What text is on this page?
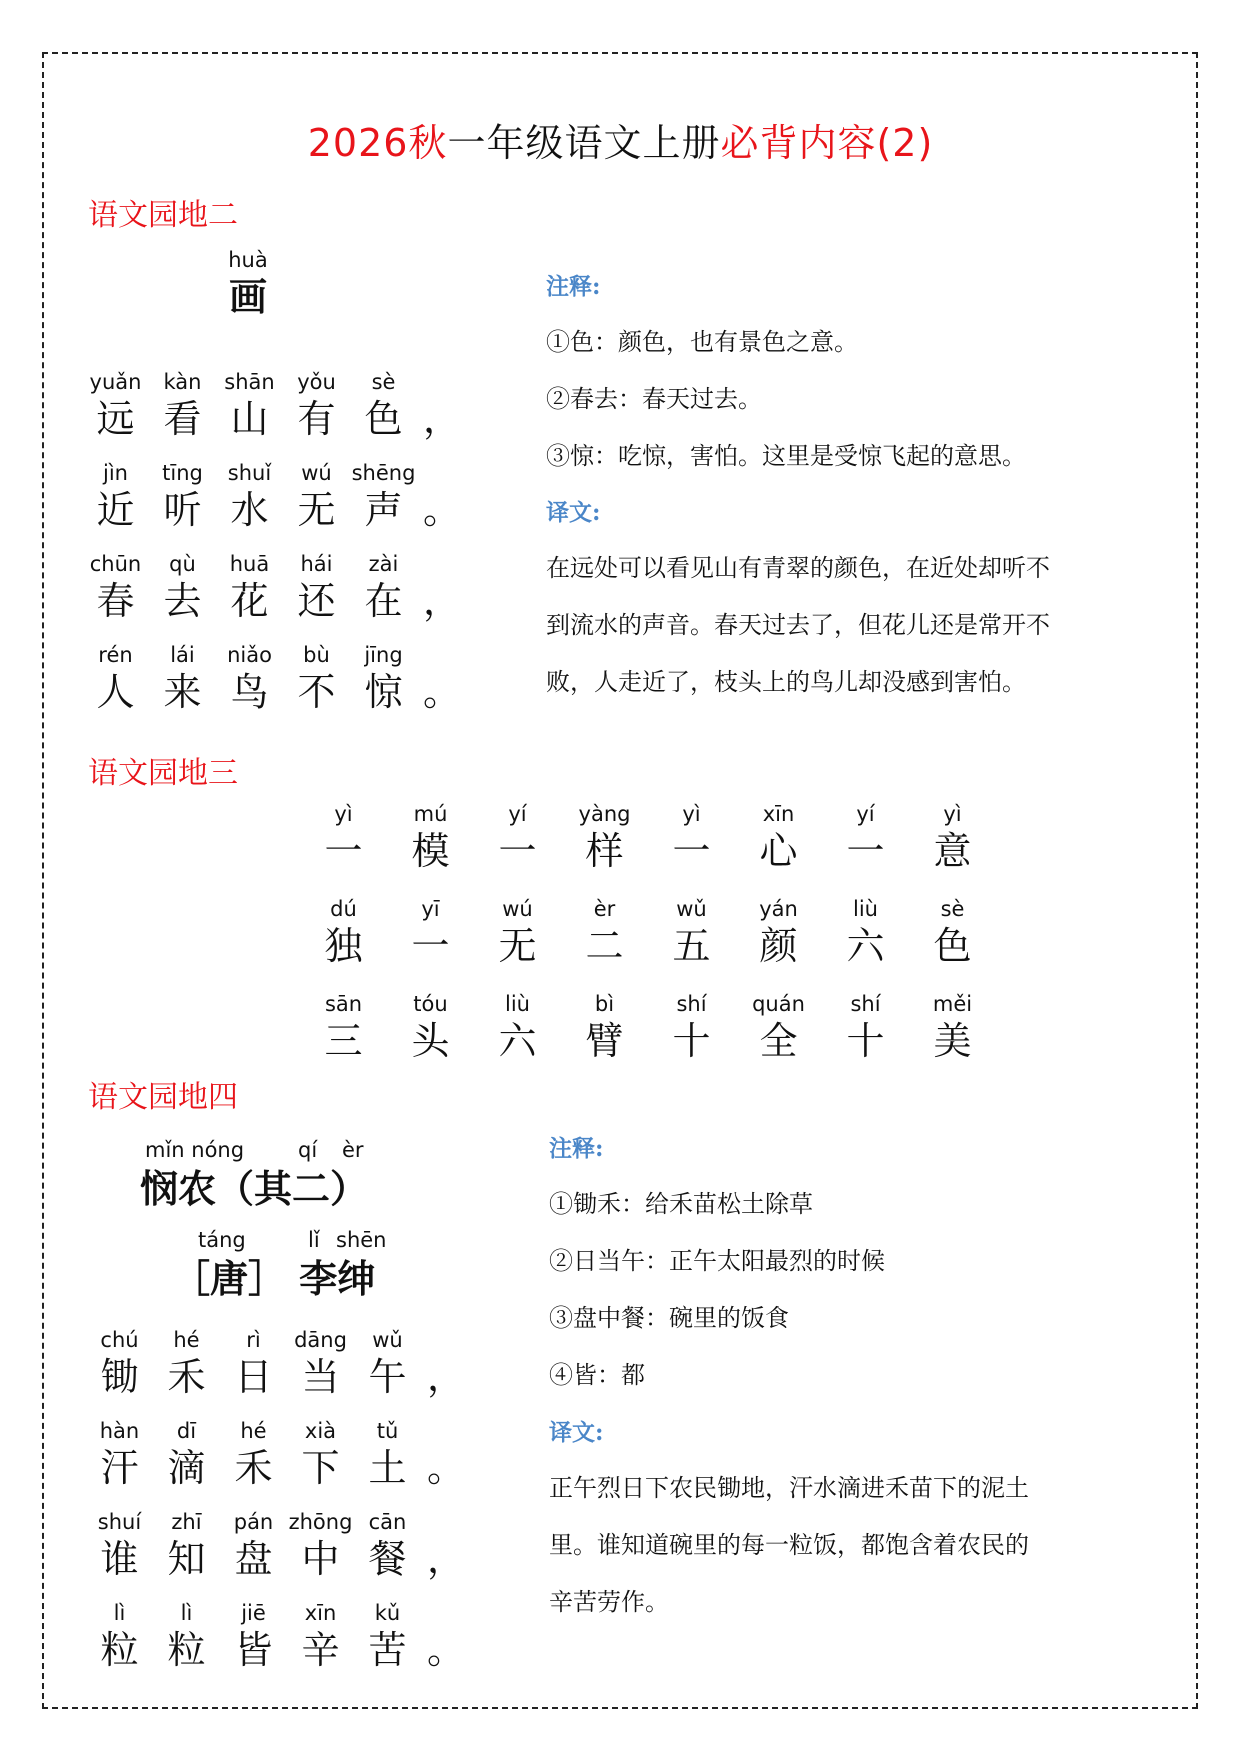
2026秋一年级语文上册必背内容(2)
语文园地二
huà
画
yuǎn
远
kàn
看
shān
山
yǒu
有
sè
色 ，
jìn
近
tīng
听
shuǐ
水
wú
无
shēng
声 。
chūn
春
qù
去
huā
花
hái
还
zài
在 ，
rén
人
lái
来
niǎo
鸟
bù
不
jīng
惊 。
注释:
①色：颜色，也有景色之意。
②春去：春天过去。
③惊：吃惊，害怕。这里是受惊飞起的意思。
译文:
在远处可以看见山有青翠的颜色，在近处却听不
到流水的声音。春天过去了，但花儿还是常开不
败，人走近了，枝头上的鸟儿却没感到害怕。
语文园地三
yì
一
mú
模
yí
一
yàng
样
yì
一
xīn
心
yí
一
yì
意
dú
独
yī
一
wú
无
èr
二
wǔ
五
yán
颜
liù
六
sè
色
sān
三
tóu
头
liù
六
bì
臂
shí
十
quán
全
shí
十
měi
美
语文园地四
mǐn nóng	qí èr
悯农（其二）
táng	lǐ shēn
［唐］ 李绅
chú
锄
hé
禾
rì
日
dāng
当
wǔ
午 ，
hàn
汗
dī
滴
hé
禾
xià
下
tǔ
土 。
shuí
谁
zhī
知
pán
盘
zhōng
中
cān
餐 ，
lì
粒
lì
粒
jiē
皆
xīn
辛
kǔ
苦 。
注释:
①锄禾：给禾苗松土除草
②日当午：正午太阳最烈的时候
③盘中餐：碗里的饭食
④皆：都
译文:
正午烈日下农民锄地，汗水滴进禾苗下的泥土
里。谁知道碗里的每一粒饭，都饱含着农民的
辛苦劳作。
